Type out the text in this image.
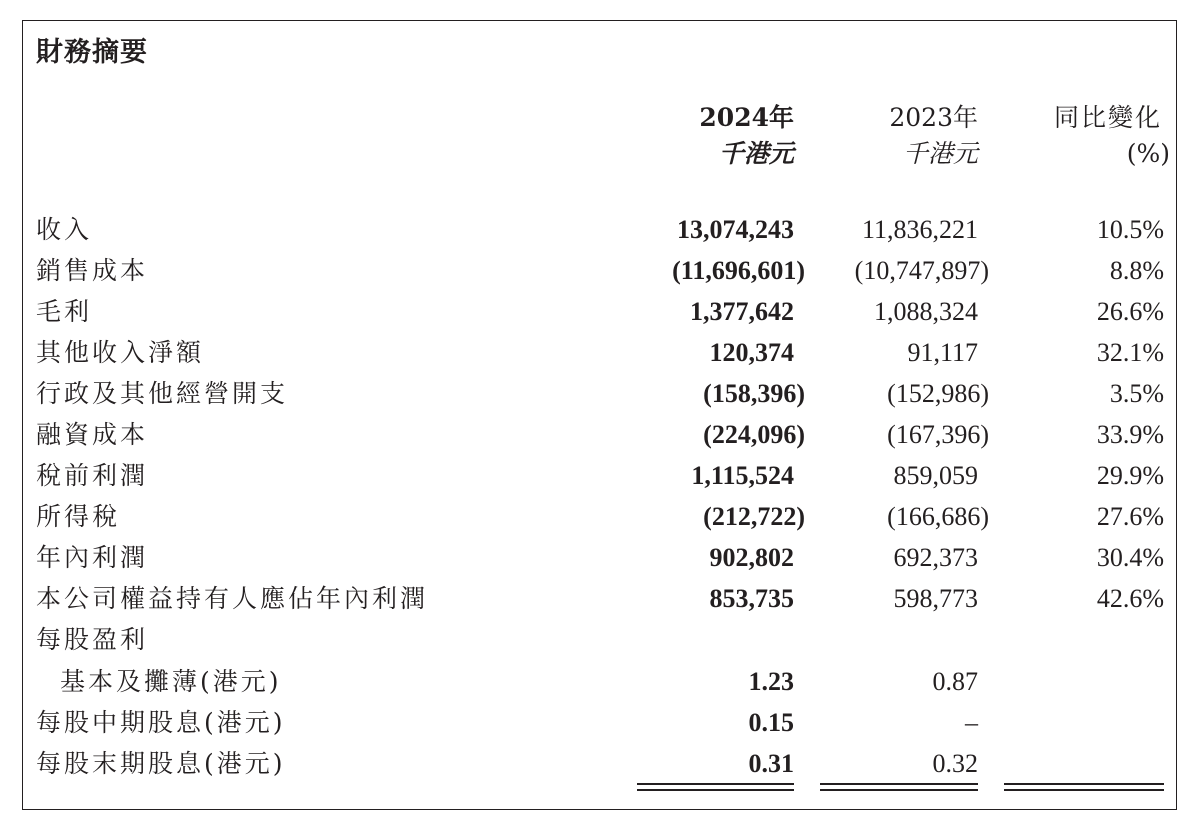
財務摘要
2024年
千港元
2023年
千港元
同比變化
(%)
收入	13,074,243	11,836,221	10.5%
銷售成本	(11,696,601) (10,747,897)	8.8%
毛利	1,377,642	1,088,324	26.6%
其他收入淨額	120,374	91,117	32.1%
行政及其他經營開支	(158,396)	(152,986)	3.5%
融資成本	(224,096)	(167,396)	33.9%
稅前利潤	1,115,524	859,059	29.9%
所得稅	(212,722)	(166,686)	27.6%
年內利潤	902,802	692,373	30.4%
本公司權益持有人應佔年內利潤	853,735	598,773	42.6%
每股盈利
基本及攤薄(港元)	1.23	0.87
每股中期股息(港元)	0.15	–
每股末期股息(港元)	0.31	0.32
